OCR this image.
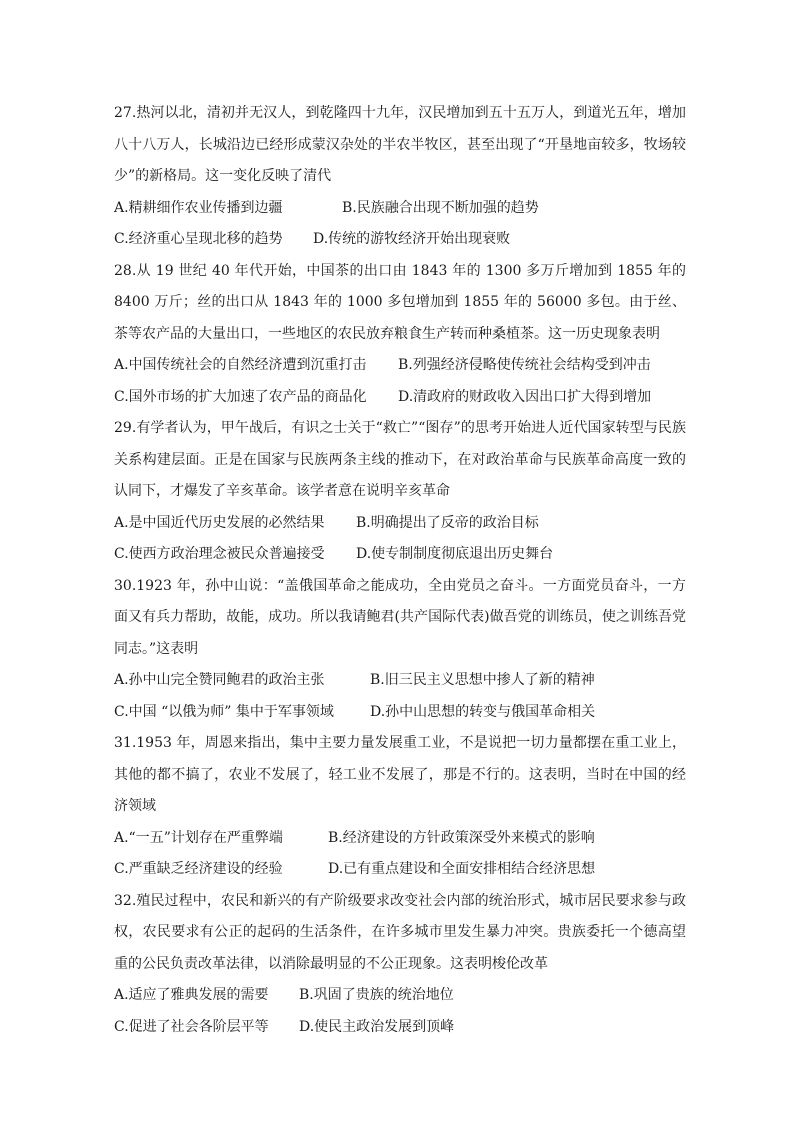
27.热河以北，清初并无汉人，到乾隆四十九年，汉民增加到五十五万人，到道光五年，增加八十八万人，长城沿边已经形成蒙汉杂处的半农半牧区，甚至出现了“开垦地亩较多，牧场较少”的新格局。这一变化反映了清代

A.精耕细作农业传播到边疆	B.民族融合出现不断加强的趋势
C.经济重心呈现北移的趋势	D.传统的游牧经济开始出现衰败

28.从 19 世纪 40 年代开始，中国茶的出口由 1843 年的 1300 多万斤增加到 1855 年的 8400 万斤；丝的出口从 1843 年的 1000 多包增加到 1855 年的 56000 多包。由于丝、茶等农产品的大量出口，一些地区的农民放弃粮食生产转而种桑植茶。这一历史现象表明

A.中国传统社会的自然经济遭到沉重打击	B.列强经济侵略使传统社会结构受到冲击
C.国外市场的扩大加速了农产品的商品化	D.清政府的财政收入因出口扩大得到增加

29.有学者认为，甲午战后，有识之士关于“救亡”“图存”的思考开始进人近代国家转型与民族关系构建层面。正是在国家与民族两条主线的推动下，在对政治革命与民族革命高度一致的认同下，才爆发了辛亥革命。该学者意在说明辛亥革命

A.是中国近代历史发展的必然结果	B.明确提出了反帝的政治目标
C.使西方政治理念被民众普遍接受	D.使专制制度彻底退出历史舞台

30.1923 年，孙中山说：“盖俄国革命之能成功，全由党员之奋斗。一方面党员奋斗，一方面又有兵力帮助，故能，成功。所以我请鲍君(共产国际代表)做吾党的训练员，使之训练吾党同志。”这表明

A.孙中山完全赞同鲍君的政治主张	B.旧三民主义思想中掺人了新的精神
C.中国 “以俄为师” 集中于军事领域	D.孙中山思想的转变与俄国革命相关

31.1953 年，周恩来指出，集中主要力量发展重工业，不是说把一切力量都摆在重工业上，其他的都不搞了，农业不发展了，轻工业不发展了，那是不行的。这表明，当时在中国的经济领域

A.“一五”计划存在严重弊端	B.经济建设的方针政策深受外来模式的影响
C.严重缺乏经济建设的经验	D.已有重点建设和全面安排相结合经济思想

32.殖民过程中，农民和新兴的有产阶级要求改变社会内部的统治形式，城市居民要求参与政权，农民要求有公正的起码的生活条件，在许多城市里发生暴力冲突。贵族委托一个德高望重的公民负责改革法律，以消除最明显的不公正现象。这表明梭伦改革

A.适应了雅典发展的需要	B.巩固了贵族的统治地位
C.促进了社会各阶层平等	D.使民主政治发展到顶峰
